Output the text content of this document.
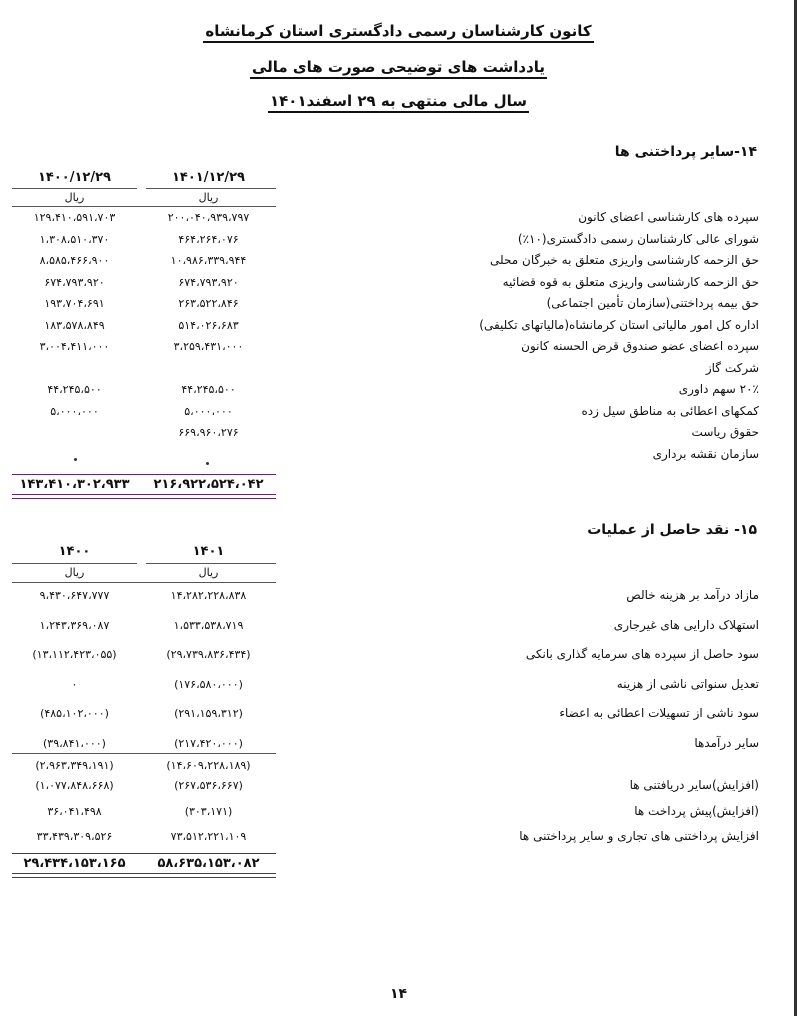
کانون کارشناسان رسمی دادگستری استان کرمانشاه
یادداشت های توضیحی صورت های مالی
سال مالی منتهی به ۲۹ اسفند۱۴۰۱
۱۴-سایر پرداختنی ها
۱۴۰۱/۱۲/۲۹
۱۴۰۰/۱۲/۲۹
ریال
ریال
سپرده های کارشناسی اعضای کانون
۲۰۰،۰۴۰،۹۳۹،۷۹۷
۱۲۹،۴۱۰،۵۹۱،۷۰۳
شورای عالی کارشناسان رسمی دادگستری(۱۰٪)
۴۶۴،۲۶۴،۰۷۶
۱،۳۰۸،۵۱۰،۳۷۰
حق الزحمه کارشناسی واریزی متعلق به خبرگان محلی
۱۰،۹۸۶،۳۳۹،۹۴۴
۸،۵۸۵،۴۶۶،۹۰۰
حق الزحمه کارشناسی واریزی متعلق به قوه قضائیه
۶۷۴،۷۹۳،۹۲۰
۶۷۴،۷۹۳،۹۲۰
حق بیمه پرداختنی(سازمان تأمین اجتماعی)
۲۶۳،۵۲۲،۸۴۶
۱۹۳،۷۰۴،۶۹۱
اداره کل امور مالیاتی استان کرمانشاه(مالیاتهای تکلیفی)
۵۱۴،۰۲۶،۶۸۳
۱۸۳،۵۷۸،۸۴۹
سپرده اعضای عضو صندوق قرض الحسنه کانون
۳،۲۵۹،۴۳۱،۰۰۰
۳،۰۰۴،۴۱۱،۰۰۰
شرکت گاز
۲۰٪ سهم داوری
۴۴،۲۴۵،۵۰۰
۴۴،۲۴۵،۵۰۰
کمکهای اعطائی به مناطق سیل زده
۵،۰۰۰،۰۰۰
۵،۰۰۰،۰۰۰
حقوق ریاست
۶۶۹،۹۶۰،۲۷۶
سازمان نقشه برداری
۲۱۶،۹۲۲،۵۲۴،۰۴۲
۱۴۳،۴۱۰،۳۰۲،۹۳۳
۱۵- نقد حاصل از عملیات
۱۴۰۱
۱۴۰۰
ریال
ریال
مازاد درآمد بر هزینه خالص
۱۴،۲۸۲،۲۲۸،۸۳۸
۹،۴۳۰،۶۴۷،۷۷۷
استهلاک دارایی های غیرجاری
۱،۵۳۳،۵۳۸،۷۱۹
۱،۲۴۳،۳۶۹،۰۸۷
سود حاصل از سپرده های سرمایه گذاری بانکی
(۲۹،۷۳۹،۸۳۶،۴۳۴)
(۱۳،۱۱۲،۴۲۳،۰۵۵)
تعدیل سنواتی ناشی از هزینه
(۱۷۶،۵۸۰،۰۰۰)
۰
سود ناشی از تسهیلات اعطائی به اعضاء
(۲۹۱،۱۵۹،۳۱۲)
(۴۸۵،۱۰۲،۰۰۰)
سایر درآمدها
(۲۱۷،۴۲۰،۰۰۰)
(۳۹،۸۴۱،۰۰۰)
(۱۴،۶۰۹،۲۲۸،۱۸۹)
(۲،۹۶۳،۳۴۹،۱۹۱)
(افزایش)سایر دریافتنی ها
(۲۶۷،۵۳۶،۶۶۷)
(۱،۰۷۷،۸۴۸،۶۶۸)
(افزایش)پیش پرداخت ها
(۳۰۳،۱۷۱)
۳۶،۰۴۱،۴۹۸
افزایش پرداختنی های تجاری و سایر پرداختنی ها
۷۳،۵۱۲،۲۲۱،۱۰۹
۳۳،۴۳۹،۳۰۹،۵۲۶
۵۸،۶۳۵،۱۵۳،۰۸۲
۲۹،۴۳۴،۱۵۳،۱۶۵
۱۴
